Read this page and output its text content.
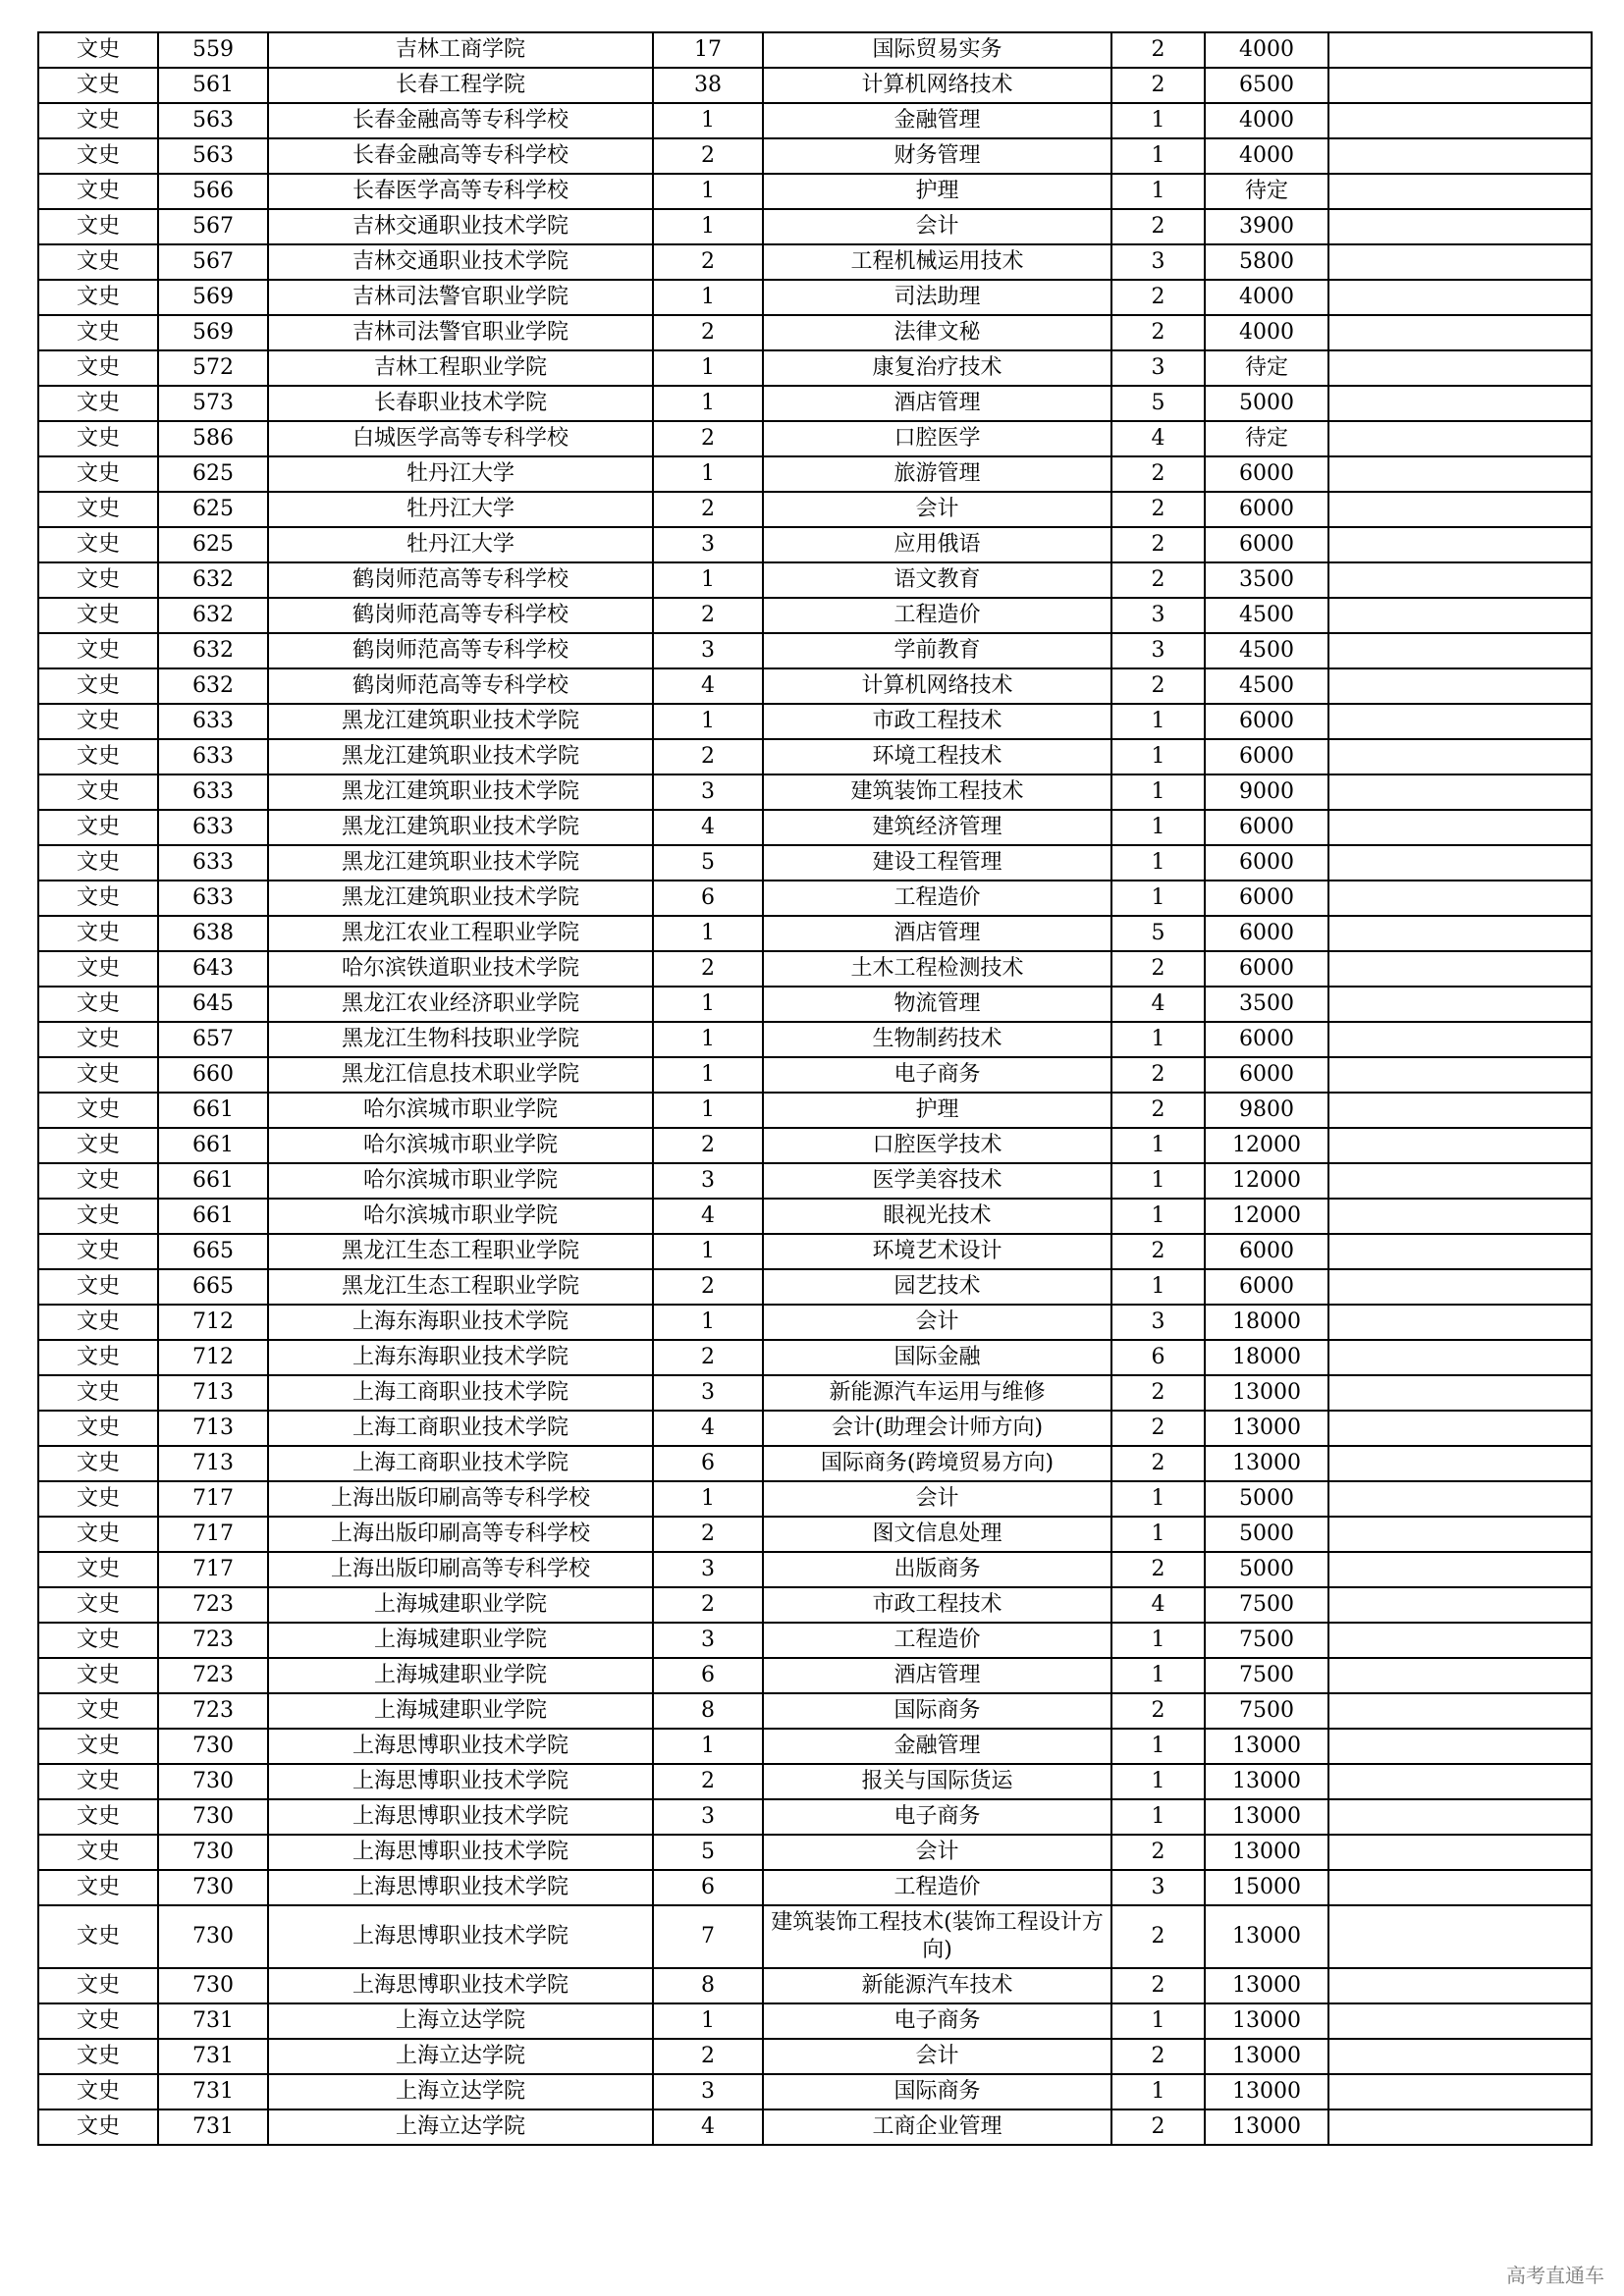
文史	559	吉林工商学院	17	国际贸易实务	2	4000	
文史	561	长春工程学院	38	计算机网络技术	2	6500	
文史	563	长春金融高等专科学校	1	金融管理	1	4000	
文史	563	长春金融高等专科学校	2	财务管理	1	4000	
文史	566	长春医学高等专科学校	1	护理	1	待定	
文史	567	吉林交通职业技术学院	1	会计	2	3900	
文史	567	吉林交通职业技术学院	2	工程机械运用技术	3	5800	
文史	569	吉林司法警官职业学院	1	司法助理	2	4000	
文史	569	吉林司法警官职业学院	2	法律文秘	2	4000	
文史	572	吉林工程职业学院	1	康复治疗技术	3	待定	
文史	573	长春职业技术学院	1	酒店管理	5	5000	
文史	586	白城医学高等专科学校	2	口腔医学	4	待定	
文史	625	牡丹江大学	1	旅游管理	2	6000	
文史	625	牡丹江大学	2	会计	2	6000	
文史	625	牡丹江大学	3	应用俄语	2	6000	
文史	632	鹤岗师范高等专科学校	1	语文教育	2	3500	
文史	632	鹤岗师范高等专科学校	2	工程造价	3	4500	
文史	632	鹤岗师范高等专科学校	3	学前教育	3	4500	
文史	632	鹤岗师范高等专科学校	4	计算机网络技术	2	4500	
文史	633	黑龙江建筑职业技术学院	1	市政工程技术	1	6000	
文史	633	黑龙江建筑职业技术学院	2	环境工程技术	1	6000	
文史	633	黑龙江建筑职业技术学院	3	建筑装饰工程技术	1	9000	
文史	633	黑龙江建筑职业技术学院	4	建筑经济管理	1	6000	
文史	633	黑龙江建筑职业技术学院	5	建设工程管理	1	6000	
文史	633	黑龙江建筑职业技术学院	6	工程造价	1	6000	
文史	638	黑龙江农业工程职业学院	1	酒店管理	5	6000	
文史	643	哈尔滨铁道职业技术学院	2	土木工程检测技术	2	6000	
文史	645	黑龙江农业经济职业学院	1	物流管理	4	3500	
文史	657	黑龙江生物科技职业学院	1	生物制药技术	1	6000	
文史	660	黑龙江信息技术职业学院	1	电子商务	2	6000	
文史	661	哈尔滨城市职业学院	1	护理	2	9800	
文史	661	哈尔滨城市职业学院	2	口腔医学技术	1	12000	
文史	661	哈尔滨城市职业学院	3	医学美容技术	1	12000	
文史	661	哈尔滨城市职业学院	4	眼视光技术	1	12000	
文史	665	黑龙江生态工程职业学院	1	环境艺术设计	2	6000	
文史	665	黑龙江生态工程职业学院	2	园艺技术	1	6000	
文史	712	上海东海职业技术学院	1	会计	3	18000	
文史	712	上海东海职业技术学院	2	国际金融	6	18000	
文史	713	上海工商职业技术学院	3	新能源汽车运用与维修	2	13000	
文史	713	上海工商职业技术学院	4	会计(助理会计师方向)	2	13000	
文史	713	上海工商职业技术学院	6	国际商务(跨境贸易方向)	2	13000	
文史	717	上海出版印刷高等专科学校	1	会计	1	5000	
文史	717	上海出版印刷高等专科学校	2	图文信息处理	1	5000	
文史	717	上海出版印刷高等专科学校	3	出版商务	2	5000	
文史	723	上海城建职业学院	2	市政工程技术	4	7500	
文史	723	上海城建职业学院	3	工程造价	1	7500	
文史	723	上海城建职业学院	6	酒店管理	1	7500	
文史	723	上海城建职业学院	8	国际商务	2	7500	
文史	730	上海思博职业技术学院	1	金融管理	1	13000	
文史	730	上海思博职业技术学院	2	报关与国际货运	1	13000	
文史	730	上海思博职业技术学院	3	电子商务	1	13000	
文史	730	上海思博职业技术学院	5	会计	2	13000	
文史	730	上海思博职业技术学院	6	工程造价	3	15000	
文史	730	上海思博职业技术学院	7	建筑装饰工程技术(装饰工程设计方向)	2	13000	
文史	730	上海思博职业技术学院	8	新能源汽车技术	2	13000	
文史	731	上海立达学院	1	电子商务	1	13000	
文史	731	上海立达学院	2	会计	2	13000	
文史	731	上海立达学院	3	国际商务	1	13000	
文史	731	上海立达学院	4	工商企业管理	2	13000	
高考直通车
